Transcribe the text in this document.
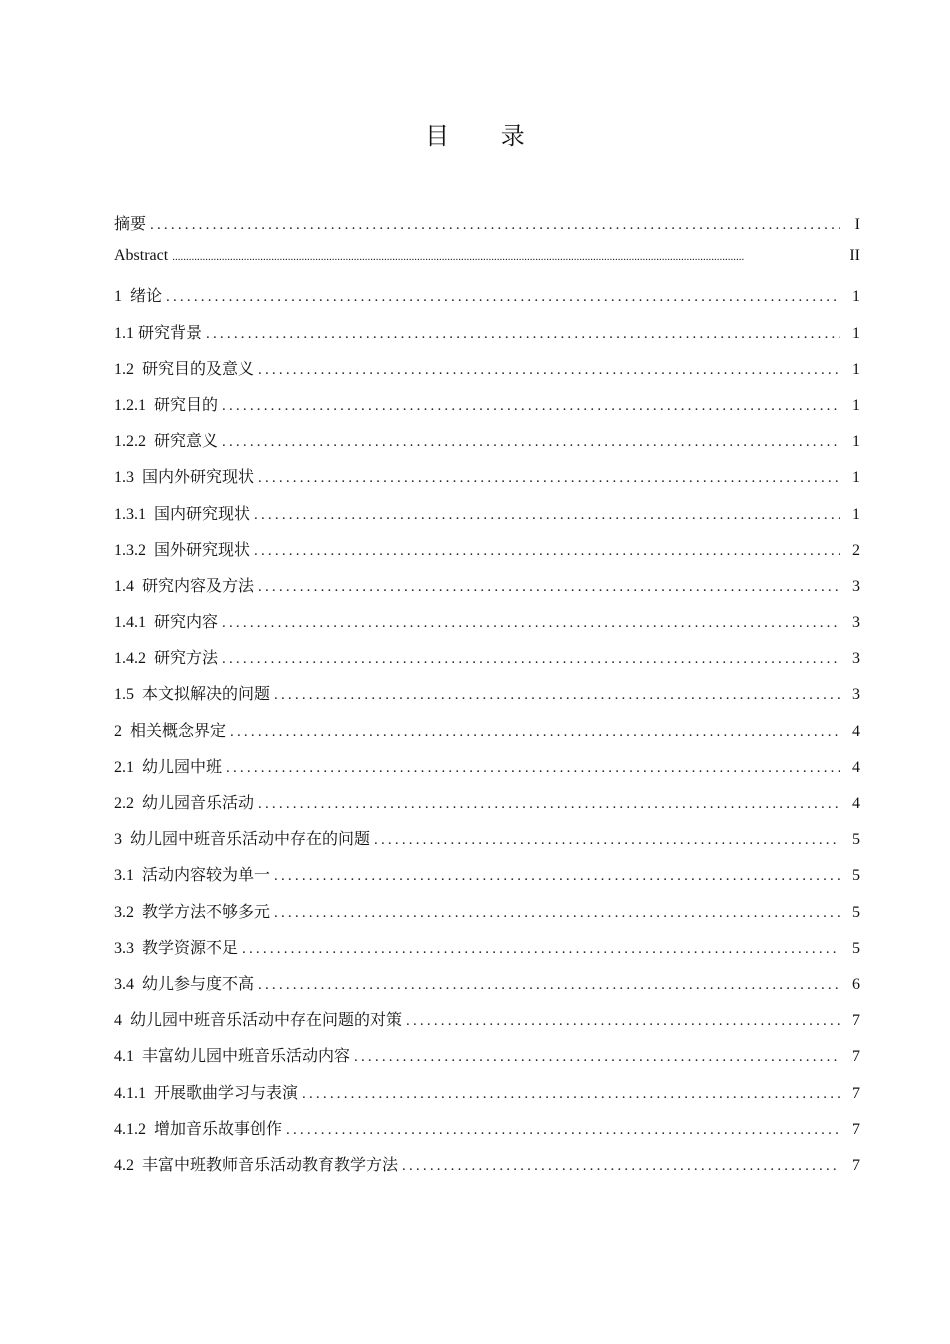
目 录
摘要 .....	I
Abstract .....	II
1 绪论 .....	1
1.1 研究背景 .....	1
1.2 研究目的及意义 .....	1
1.2.1 研究目的 .....	1
1.2.2 研究意义 .....	1
1.3 国内外研究现状 .....	1
1.3.1 国内研究现状 .....	1
1.3.2 国外研究现状 .....	2
1.4 研究内容及方法 .....	3
1.4.1 研究内容 .....	3
1.4.2 研究方法 .....	3
1.5 本文拟解决的问题 .....	3
2 相关概念界定 .....	4
2.1 幼儿园中班 .....	4
2.2 幼儿园音乐活动 .....	4
3 幼儿园中班音乐活动中存在的问题 .....	5
3.1 活动内容较为单一 .....	5
3.2 教学方法不够多元 .....	5
3.3 教学资源不足 .....	5
3.4 幼儿参与度不高 .....	6
4 幼儿园中班音乐活动中存在问题的对策 .....	7
4.1 丰富幼儿园中班音乐活动内容 .....	7
4.1.1 开展歌曲学习与表演 .....	7
4.1.2 增加音乐故事创作 .....	7
4.2 丰富中班教师音乐活动教育教学方法 .....	7
